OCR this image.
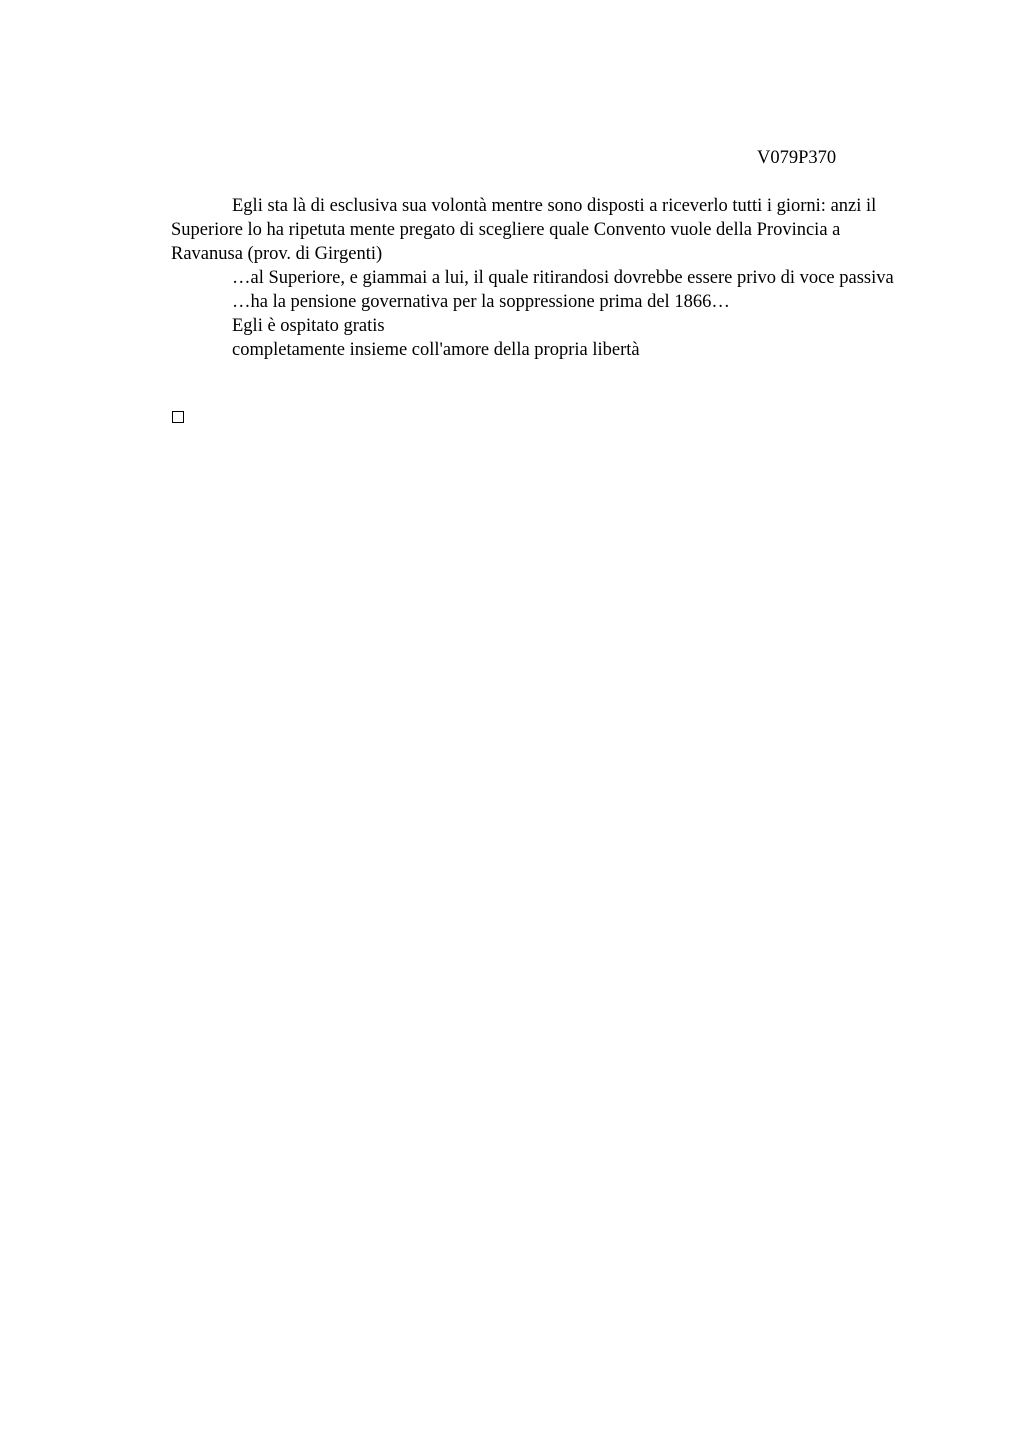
V079P370

Egli sta là di esclusiva sua volontà mentre sono disposti a riceverlo tutti i giorni: anzi il Superiore lo ha ripetuta mente pregato di scegliere quale Convento vuole della Provincia a Ravanusa (prov. di Girgenti)

…al Superiore, e giammai a lui, il quale ritirandosi dovrebbe essere privo di voce passiva

…ha la pensione governativa per la soppressione prima del 1866…

Egli è ospitato gratis

completamente insieme coll'amore della propria libertà
